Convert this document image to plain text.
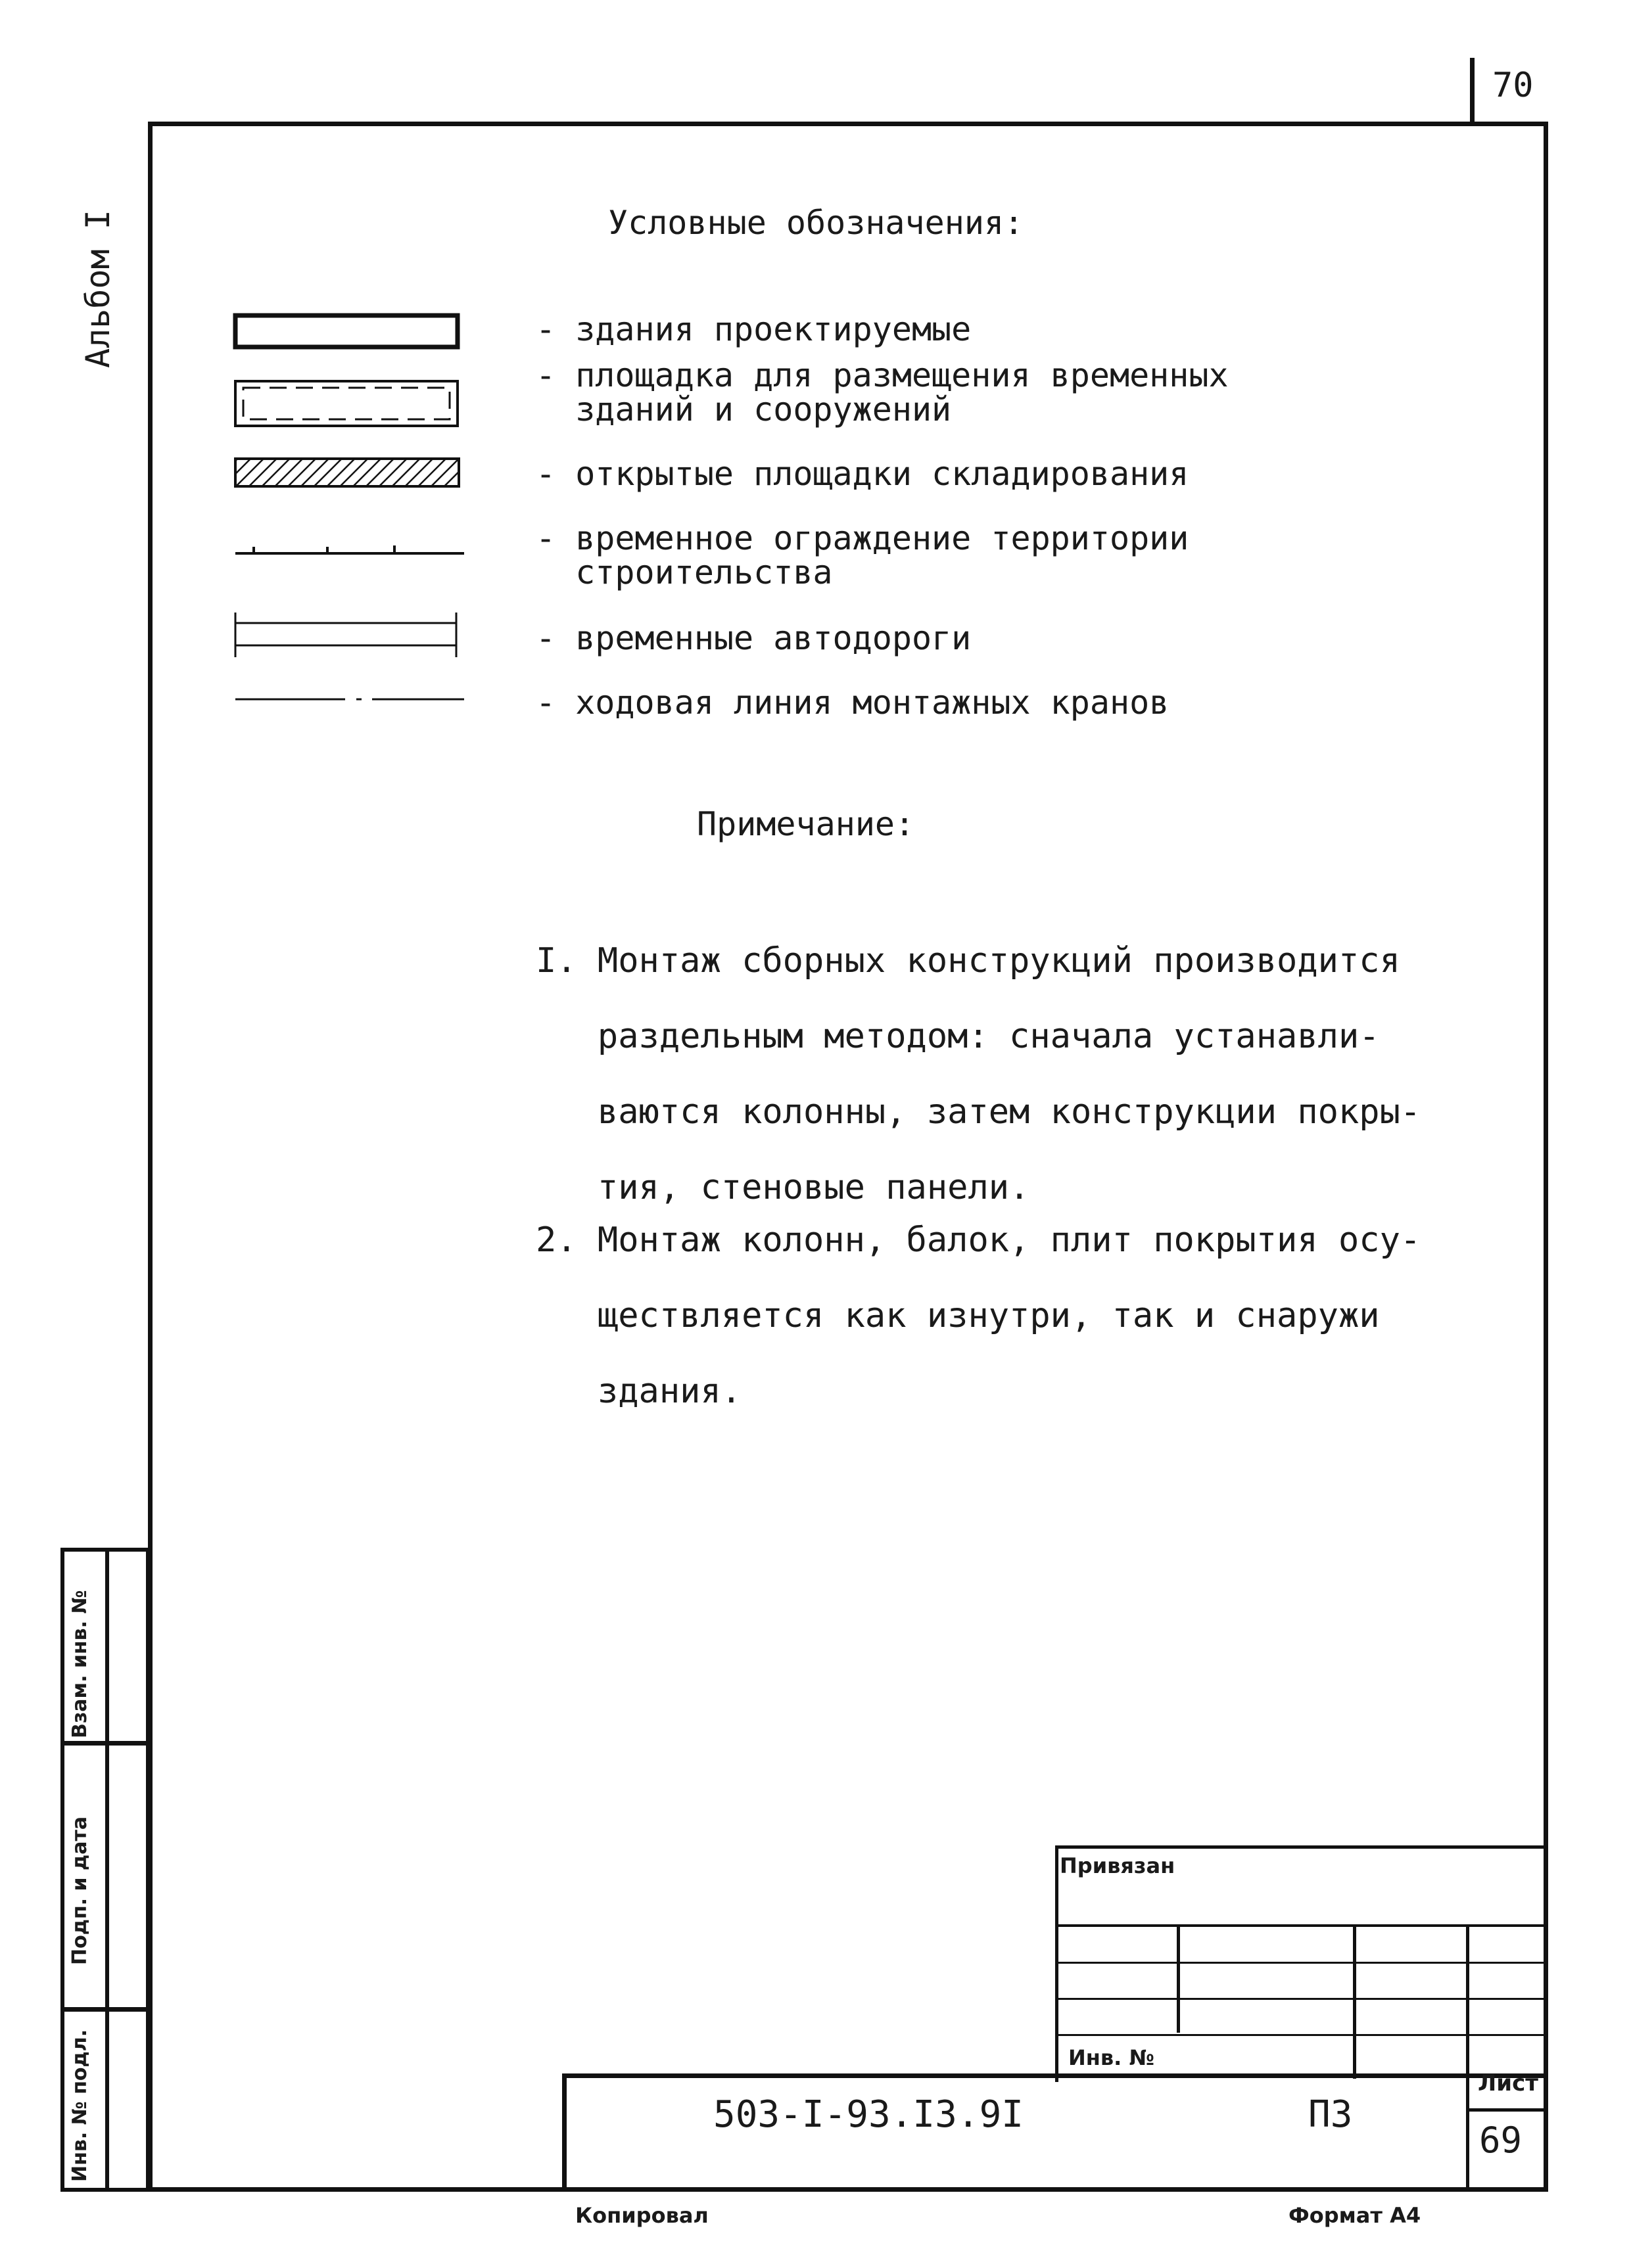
70
Альбом I	Условные обозначения:
- здания проектируемые
- площадка для размещения временных
зданий и сооружений
- открытые площадки складирования
- временное ограждение территории
строительства
- временные автодороги
- ходовая линия монтажных кранов
Примечание:
I. Монтаж сборных конструкций производится
раздельным методом: сначала устанавли-
ваются колонны, затем конструкции покры-
тия, стеновые панели.
2. Монтаж колонн, балок, плит покрытия осу-
ществляется как изнутри, так и снаружи
здания.
Взам. инв. №
Подп. и дата
Инв. № подл.
Привязан
Инв. №
503-I-93.I3.9I	ПЗ
Лист
69
Копировал	Формат А4
